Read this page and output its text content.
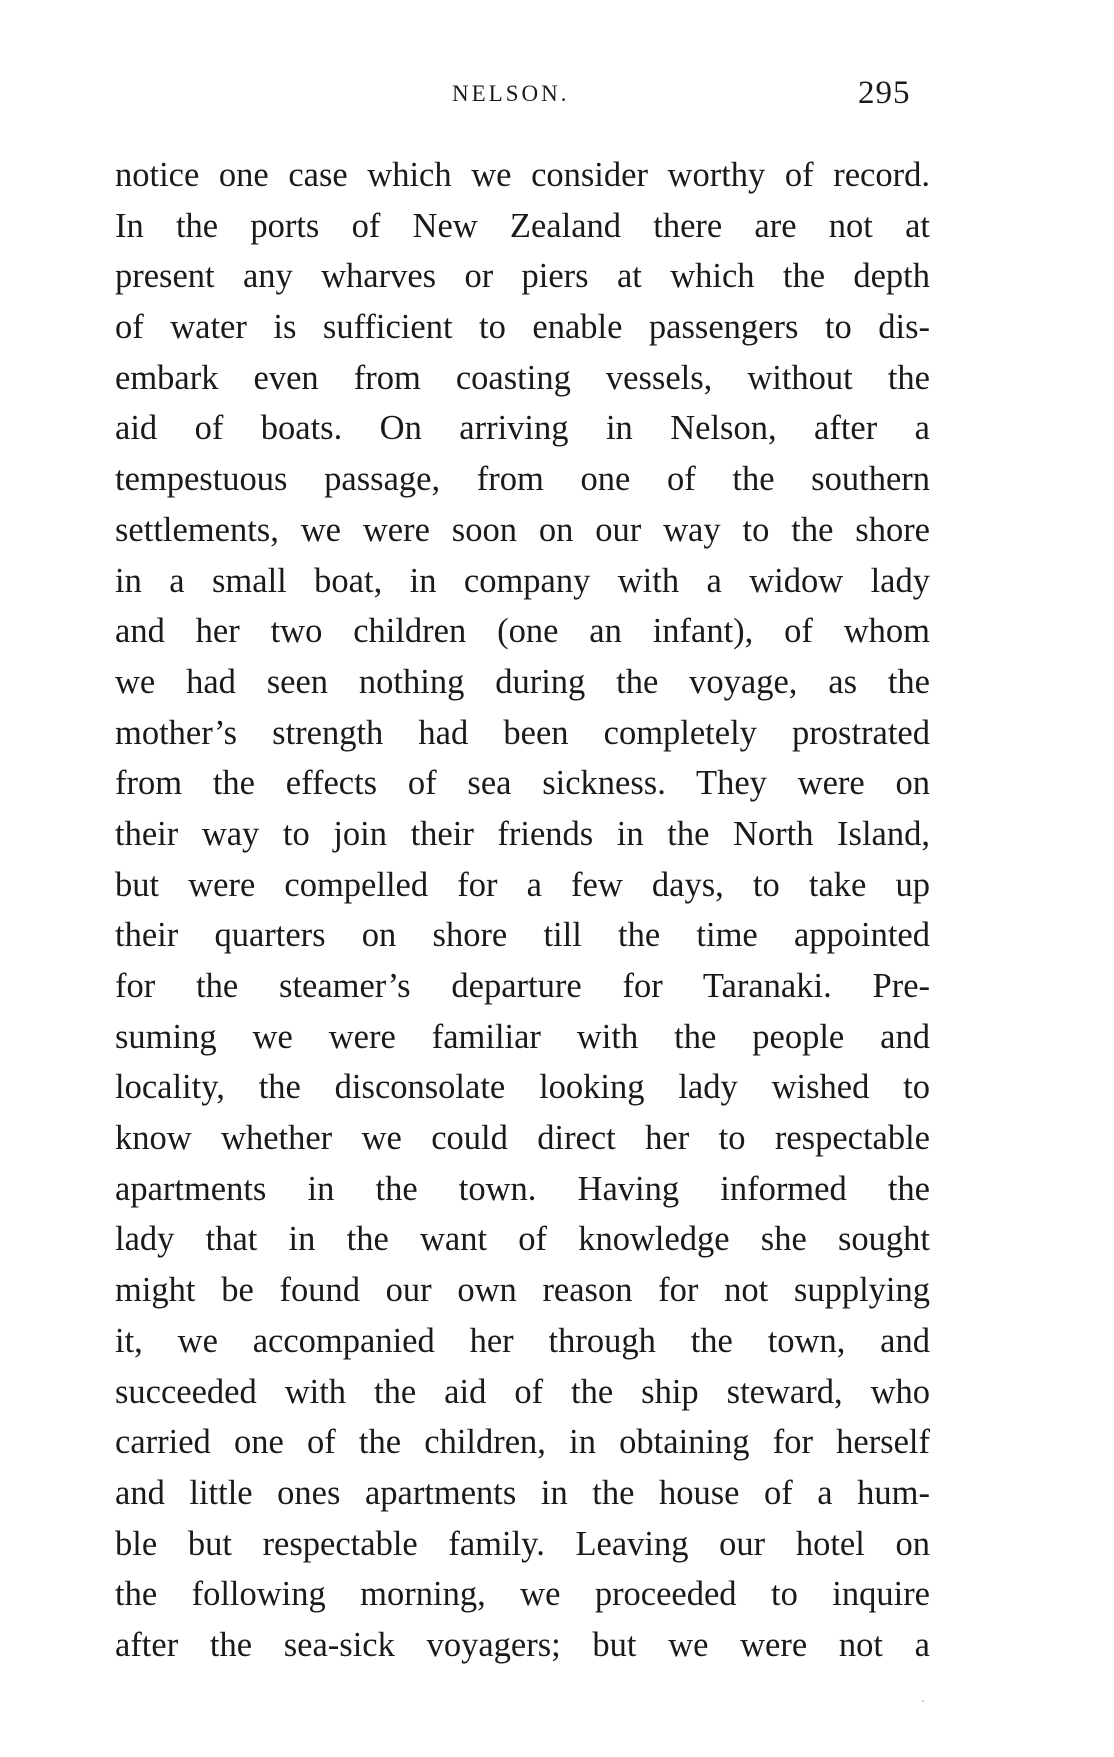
NELSON.	295
notice one case which we consider worthy of record.
In the ports of New Zealand there are not at
present any wharves or piers at which the depth
of water is sufficient to enable passengers to dis-
embark even from coasting vessels, without the
aid of boats. On arriving in Nelson, after a
tempestuous passage, from one of the southern
settlements, we were soon on our way to the shore
in a small boat, in company with a widow lady
and her two children (one an infant), of whom
we had seen nothing during the voyage, as the
mother’s strength had been completely prostrated
from the effects of sea sickness. They were on
their way to join their friends in the North Island,
but were compelled for a few days, to take up
their quarters on shore till the time appointed
for the steamer’s departure for Taranaki. Pre-
suming we were familiar with the people and
locality, the disconsolate looking lady wished to
know whether we could direct her to respectable
apartments in the town. Having informed the
lady that in the want of knowledge she sought
might be found our own reason for not supplying
it, we accompanied her through the town, and
succeeded with the aid of the ship steward, who
carried one of the children, in obtaining for herself
and little ones apartments in the house of a hum-
ble but respectable family. Leaving our hotel on
the following morning, we proceeded to inquire
after the sea-sick voyagers; but we were not a
